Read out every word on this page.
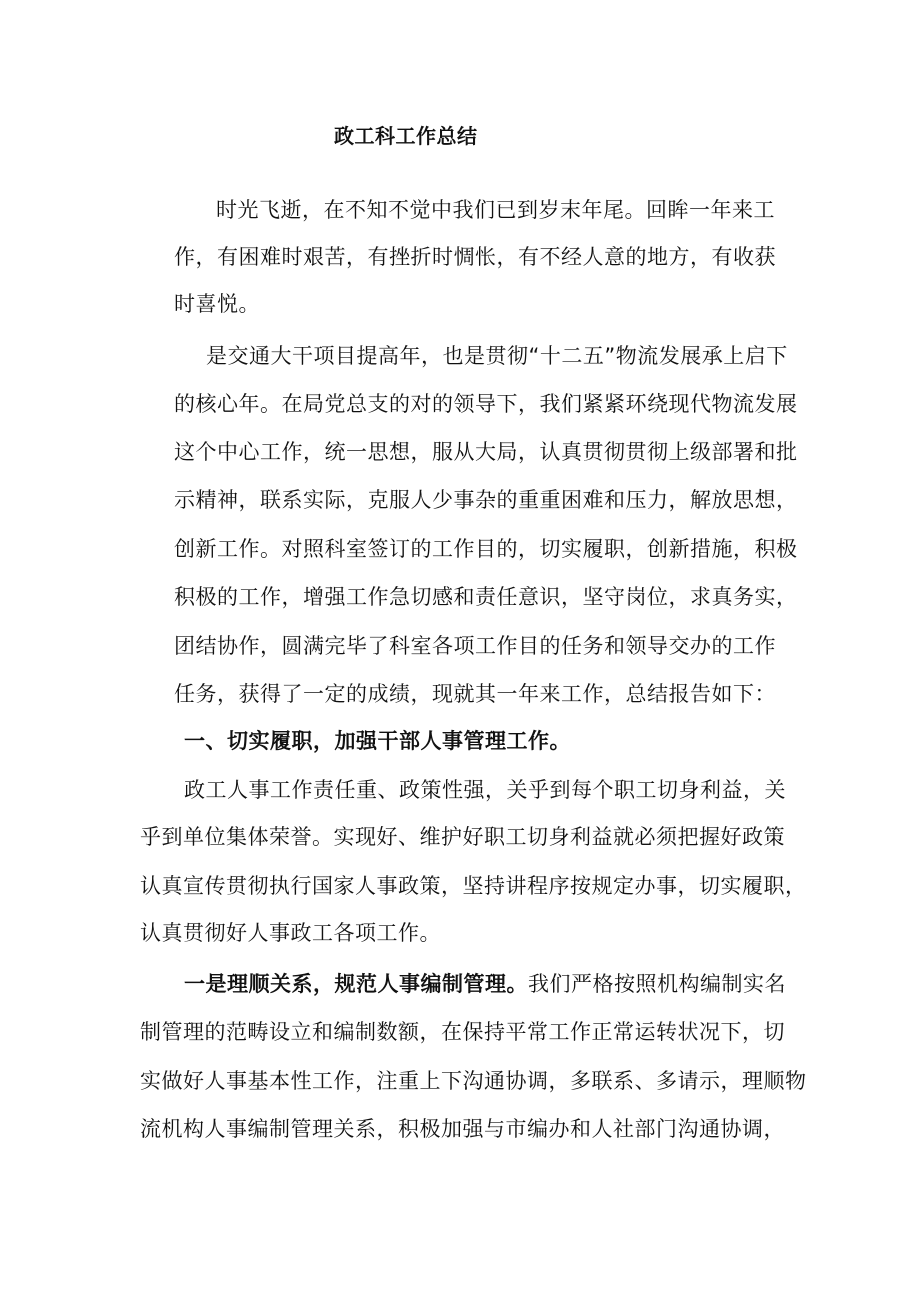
政工科工作总结
时光飞逝，在不知不觉中我们已到岁末年尾。回眸一年来工
作，有困难时艰苦，有挫折时惆怅，有不经人意的地方，有收获
时喜悦。
是交通大干项目提高年，也是贯彻“十二五”物流发展承上启下
的核心年。在局党总支的对的领导下，我们紧紧环绕现代物流发展
这个中心工作，统一思想，服从大局，认真贯彻贯彻上级部署和批
示精神，联系实际，克服人少事杂的重重困难和压力，解放思想，
创新工作。对照科室签订的工作目的，切实履职，创新措施，积极
积极的工作，增强工作急切感和责任意识，坚守岗位，求真务实，
团结协作，圆满完毕了科室各项工作目的任务和领导交办的工作
任务，获得了一定的成绩，现就其一年来工作，总结报告如下：
一、切实履职，加强干部人事管理工作。
政工人事工作责任重、政策性强，关乎到每个职工切身利益，关
乎到单位集体荣誉。实现好、维护好职工切身利益就必须把握好政策
认真宣传贯彻执行国家人事政策，坚持讲程序按规定办事，切实履职，
认真贯彻好人事政工各项工作。
一是理顺关系，规范人事编制管理。我们严格按照机构编制实名
制管理的范畴设立和编制数额，在保持平常工作正常运转状况下，切
实做好人事基本性工作，注重上下沟通协调，多联系、多请示，理顺物
流机构人事编制管理关系，积极加强与市编办和人社部门沟通协调，
